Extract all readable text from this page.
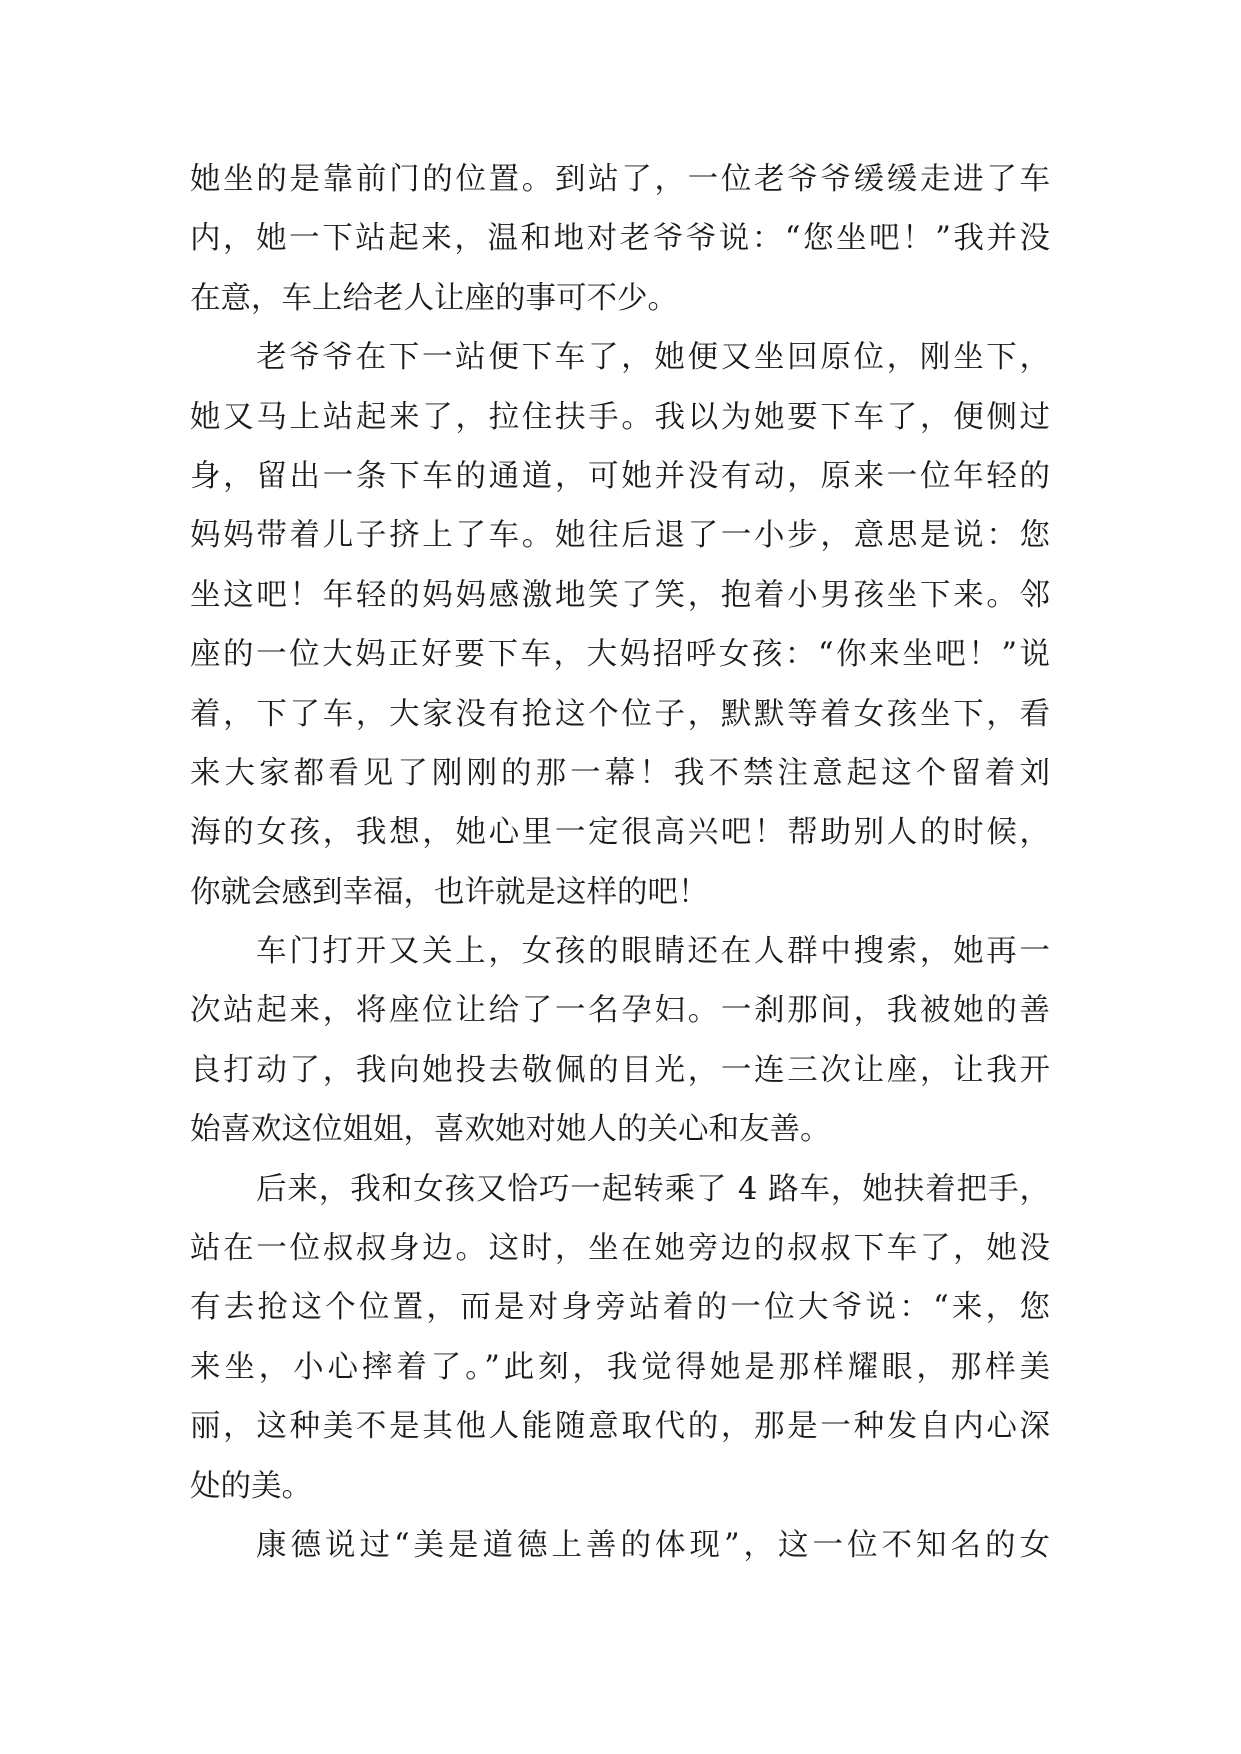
她坐的是靠前门的位置。到站了，一位老爷爷缓缓走进了车
内，她一下站起来，温和地对老爷爷说：“您坐吧！”我并没
在意，车上给老人让座的事可不少。
老爷爷在下一站便下车了，她便又坐回原位，刚坐下，
她又马上站起来了，拉住扶手。我以为她要下车了，便侧过
身，留出一条下车的通道，可她并没有动，原来一位年轻的
妈妈带着儿子挤上了车。她往后退了一小步，意思是说：您
坐这吧！年轻的妈妈感激地笑了笑，抱着小男孩坐下来。邻
座的一位大妈正好要下车，大妈招呼女孩：“你来坐吧！”说
着，下了车，大家没有抢这个位子，默默等着女孩坐下，看
来大家都看见了刚刚的那一幕！我不禁注意起这个留着刘
海的女孩，我想，她心里一定很高兴吧！帮助别人的时候，
你就会感到幸福，也许就是这样的吧！
车门打开又关上，女孩的眼睛还在人群中搜索，她再一
次站起来，将座位让给了一名孕妇。一刹那间，我被她的善
良打动了，我向她投去敬佩的目光，一连三次让座，让我开
始喜欢这位姐姐，喜欢她对她人的关心和友善。
后来，我和女孩又恰巧一起转乘了 4 路车，她扶着把手，
站在一位叔叔身边。这时，坐在她旁边的叔叔下车了，她没
有去抢这个位置，而是对身旁站着的一位大爷说：“来，您
来坐，小心摔着了。”此刻，我觉得她是那样耀眼，那样美
丽，这种美不是其他人能随意取代的，那是一种发自内心深
处的美。
康德说过“美是道德上善的体现”，这一位不知名的女
